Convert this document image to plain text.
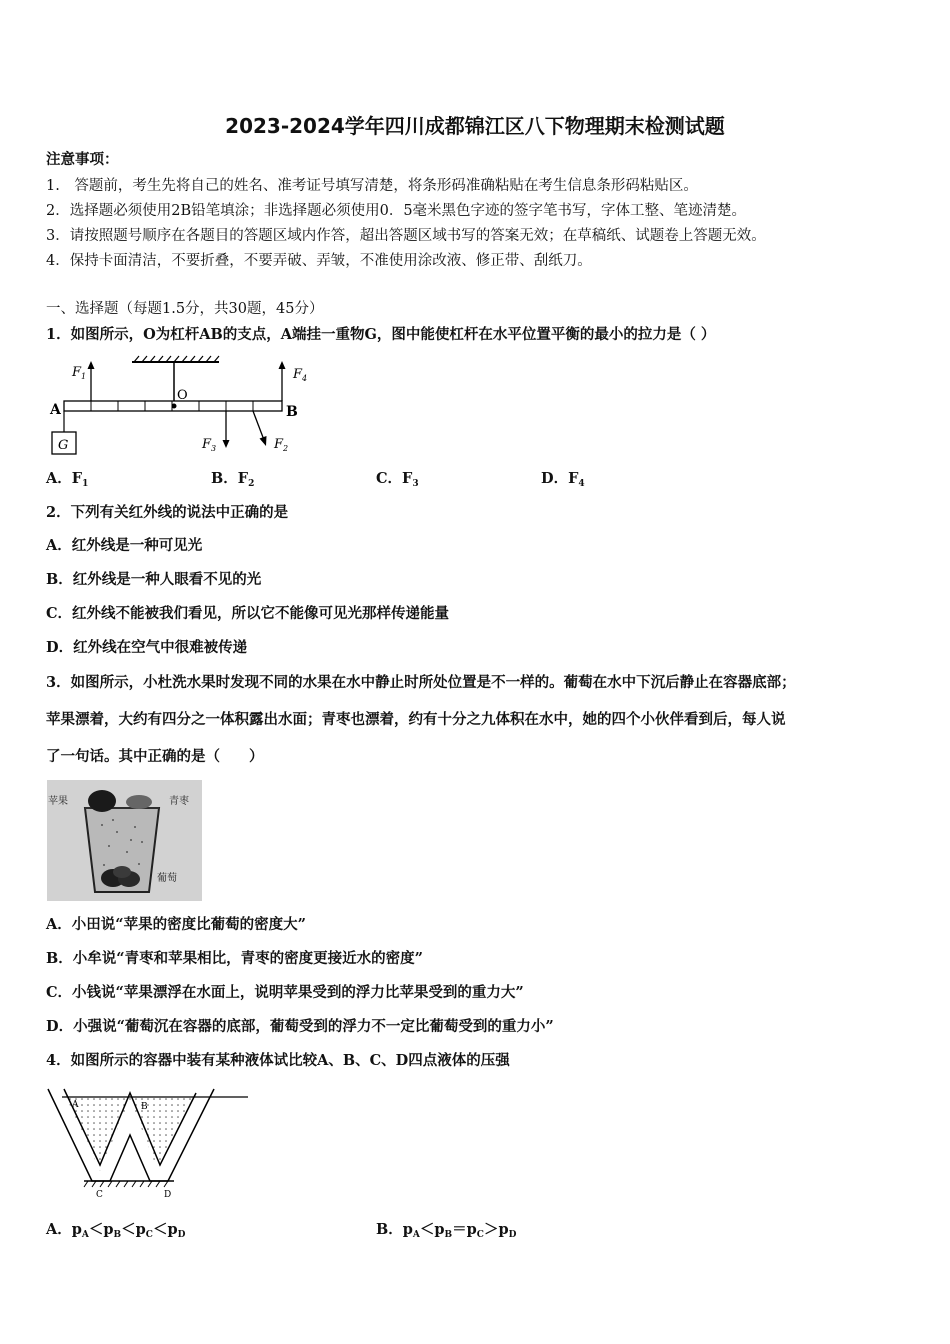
2023-2024学年四川成都锦江区八下物理期末检测试题
注意事项：
1.　答题前，考生先将自己的姓名、准考证号填写清楚，将条形码准确粘贴在考生信息条形码粘贴区。
2．选择题必须使用2B铅笔填涂；非选择题必须使用0．5毫米黑色字迹的签字笔书写，字体工整、笔迹清楚。
3．请按照题号顺序在各题目的答题区域内作答，超出答题区域书写的答案无效；在草稿纸、试题卷上答题无效。
4．保持卡面清洁，不要折叠，不要弄破、弄皱，不准使用涂改液、修正带、刮纸刀。
一、选择题（每题1.5分，共30题，45分）
1．如图所示，O为杠杆AB的支点，A端挂一重物G，图中能使杠杆在水平位置平衡的最小的拉力是（ ）
O
A	B
G
$F_1$	$F_4$
$F_3$	$F_2$
A．$F_1$	B．$F_2$	C．$F_3$	D．$F_4$
2．下列有关红外线的说法中正确的是
A．红外线是一种可见光
B．红外线是一种人眼看不见的光
C．红外线不能被我们看见，所以它不能像可见光那样传递能量
D．红外线在空气中很难被传递
3．如图所示，小杜洗水果时发现不同的水果在水中静止时所处位置是不一样的。葡萄在水中下沉后静止在容器底部；
苹果漂着，大约有四分之一体积露出水面；青枣也漂着，约有十分之九体积在水中，她的四个小伙伴看到后，每人说
了一句话。其中正确的是（　　）
苹果	青枣
葡萄
A．小田说“苹果的密度比葡萄的密度大”
B．小牟说“青枣和苹果相比，青枣的密度更接近水的密度”
C．小钱说“苹果漂浮在水面上，说明苹果受到的浮力比苹果受到的重力大”
D．小强说“葡萄沉在容器的底部，葡萄受到的浮力不一定比葡萄受到的重力小”
4．如图所示的容器中装有某种液体试比较A、B、C、D四点液体的压强
A	B
C	D
A．$p_A<p_B<p_C<p_D$	B．$p_A<p_B=p_C>p_D$
